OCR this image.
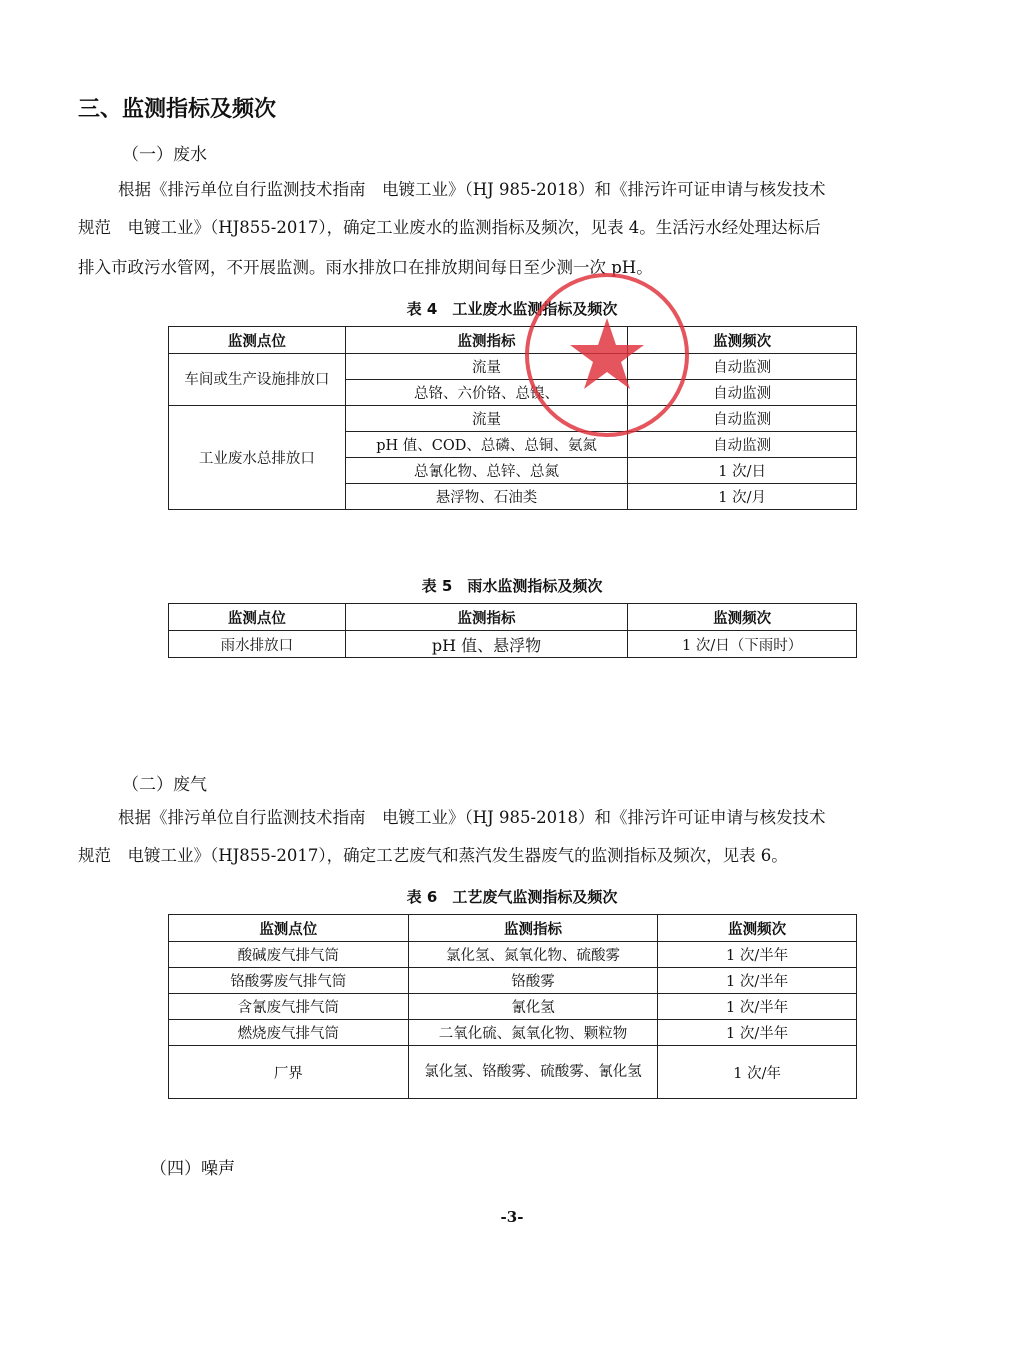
三、监测指标及频次
（一）废水
根据《排污单位自行监测技术指南　电镀工业》（HJ 985-2018）和《排污许可证申请与核发技术
规范　电镀工业》（HJ855-2017），确定工业废水的监测指标及频次，见表 4。生活污水经处理达标后
排入市政污水管网，不开展监测。雨水排放口在排放期间每日至少测一次 pH。
表 4　工业废水监测指标及频次
监测点位	监测指标	监测频次
车间或生产设施排放口	流量	自动监测
	总铬、六价铬、总镍、	自动监测
工业废水总排放口	流量	自动监测
	pH 值、COD、总磷、总铜、氨氮	自动监测
	总氰化物、总锌、总氮	1 次/日
	悬浮物、石油类	1 次/月
表 5　雨水监测指标及频次
监测点位	监测指标	监测频次
雨水排放口	pH 值、悬浮物	1 次/日（下雨时）
（二）废气
根据《排污单位自行监测技术指南　电镀工业》（HJ 985-2018）和《排污许可证申请与核发技术
规范　电镀工业》（HJ855-2017），确定工艺废气和蒸汽发生器废气的监测指标及频次，见表 6。
表 6　工艺废气监测指标及频次
监测点位	监测指标	监测频次
酸碱废气排气筒	氯化氢、氮氧化物、硫酸雾	1 次/半年
铬酸雾废气排气筒	铬酸雾	1 次/半年
含氰废气排气筒	氰化氢	1 次/半年
燃烧废气排气筒	二氧化硫、氮氧化物、颗粒物	1 次/半年
厂界	氯化氢、铬酸雾、硫酸雾、氰化氢	1 次/年
（四）噪声
-3-
